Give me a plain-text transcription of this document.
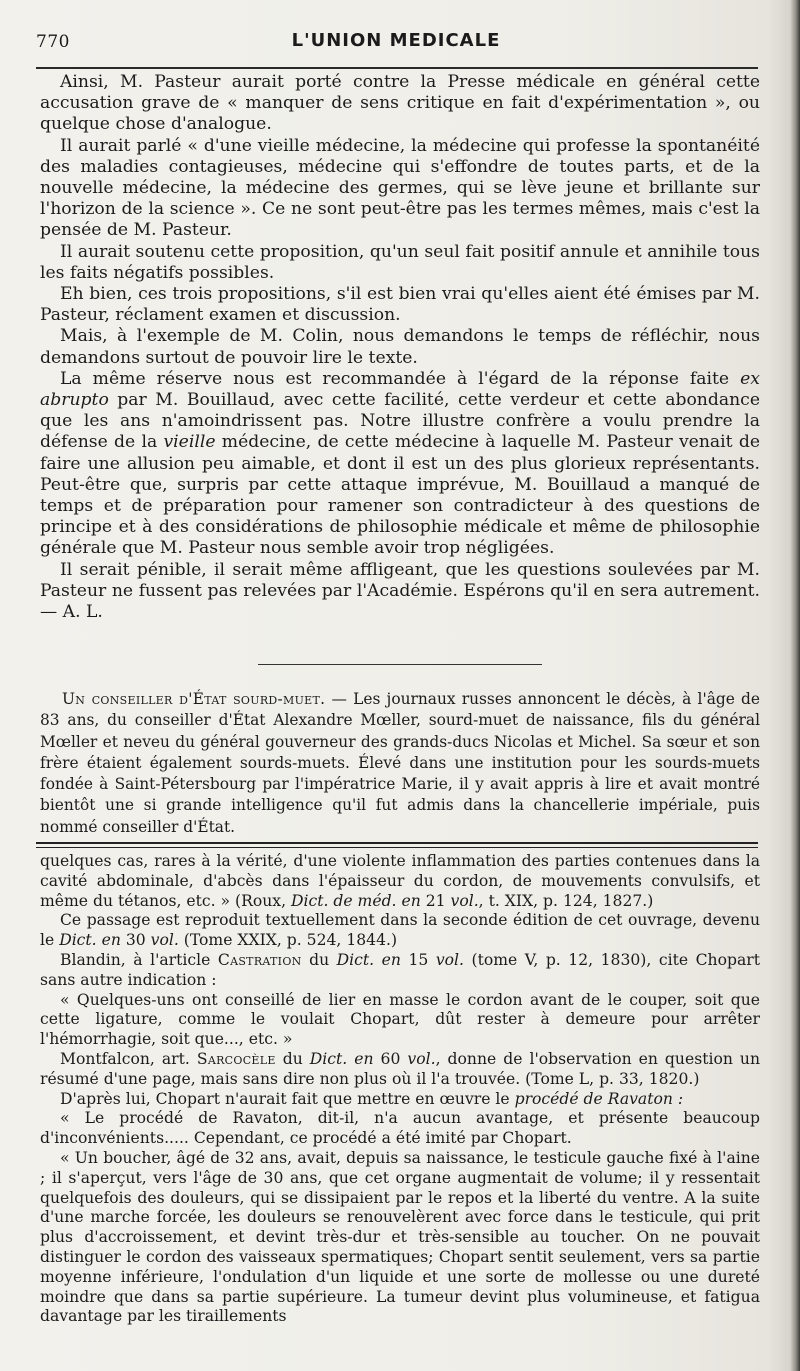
770	L'UNION MEDICALE

Ainsi, M. Pasteur aurait porté contre la Presse médicale en général cette accusation grave de « manquer de sens critique en fait d'expérimentation », ou quelque chose d'analogue.

Il aurait parlé « d'une vieille médecine, la médecine qui professe la spontanéité des maladies contagieuses, médecine qui s'effondre de toutes parts, et de la nouvelle médecine, la médecine des germes, qui se lève jeune et brillante sur l'horizon de la science ». Ce ne sont peut-être pas les termes mêmes, mais c'est la pensée de M. Pasteur.

Il aurait soutenu cette proposition, qu'un seul fait positif annule et annihile tous les faits négatifs possibles.

Eh bien, ces trois propositions, s'il est bien vrai qu'elles aient été émises par M. Pasteur, réclament examen et discussion.

Mais, à l'exemple de M. Colin, nous demandons le temps de réfléchir, nous demandons surtout de pouvoir lire le texte.

La même réserve nous est recommandée à l'égard de la réponse faite ex abrupto par M. Bouillaud, avec cette facilité, cette verdeur et cette abondance que les ans n'amoindrissent pas. Notre illustre confrère a voulu prendre la défense de la vieille médecine, de cette médecine à laquelle M. Pasteur venait de faire une allusion peu aimable, et dont il est un des plus glorieux représentants. Peut-être que, surpris par cette attaque imprévue, M. Bouillaud a manqué de temps et de préparation pour ramener son contradicteur à des questions de principe et à des considérations de philosophie médicale et même de philosophie générale que M. Pasteur nous semble avoir trop négligées.

Il serait pénible, il serait même affligeant, que les questions soulevées par M. Pasteur ne fussent pas relevées par l'Académie. Espérons qu'il en sera autrement. — A. L.

Un conseiller d'État sourd-muet. — Les journaux russes annoncent le décès, à l'âge de 83 ans, du conseiller d'État Alexandre Mœller, sourd-muet de naissance, fils du général Mœller et neveu du général gouverneur des grands-ducs Nicolas et Michel. Sa sœur et son frère étaient également sourds-muets. Élevé dans une institution pour les sourds-muets fondée à Saint-Pétersbourg par l'impératrice Marie, il y avait appris à lire et avait montré bientôt une si grande intelligence qu'il fut admis dans la chancellerie impériale, puis nommé conseiller d'État.

quelques cas, rares à la vérité, d'une violente inflammation des parties contenues dans la cavité abdominale, d'abcès dans l'épaisseur du cordon, de mouvements convulsifs, et même du tétanos, etc. » (Roux, Dict. de méd. en 21 vol., t. XIX, p. 124, 1827.)

Ce passage est reproduit textuellement dans la seconde édition de cet ouvrage, devenu le Dict. en 30 vol. (Tome XXIX, p. 524, 1844.)

Blandin, à l'article Castration du Dict. en 15 vol. (tome V, p. 12, 1830), cite Chopart sans autre indication :

« Quelques-uns ont conseillé de lier en masse le cordon avant de le couper, soit que cette ligature, comme le voulait Chopart, dût rester à demeure pour arrêter l'hémorrhagie, soit que..., etc. »

Montfalcon, art. Sarcocèle du Dict. en 60 vol., donne de l'observation en question un résumé d'une page, mais sans dire non plus où il l'a trouvée. (Tome L, p. 33, 1820.)

D'après lui, Chopart n'aurait fait que mettre en œuvre le procédé de Ravaton :

« Le procédé de Ravaton, dit-il, n'a aucun avantage, et présente beaucoup d'inconvénients..... Cependant, ce procédé a été imité par Chopart.

« Un boucher, âgé de 32 ans, avait, depuis sa naissance, le testicule gauche fixé à l'aine ; il s'aperçut, vers l'âge de 30 ans, que cet organe augmentait de volume; il y ressentait quelquefois des douleurs, qui se dissipaient par le repos et la liberté du ventre. A la suite d'une marche forcée, les douleurs se renouvelèrent avec force dans le testicule, qui prit plus d'accroissement, et devint très-dur et très-sensible au toucher. On ne pouvait distinguer le cordon des vaisseaux spermatiques; Chopart sentit seulement, vers sa partie moyenne inférieure, l'ondulation d'un liquide et une sorte de mollesse ou une dureté moindre que dans sa partie supérieure. La tumeur devint plus volumineuse, et fatigua davantage par les tiraillements
